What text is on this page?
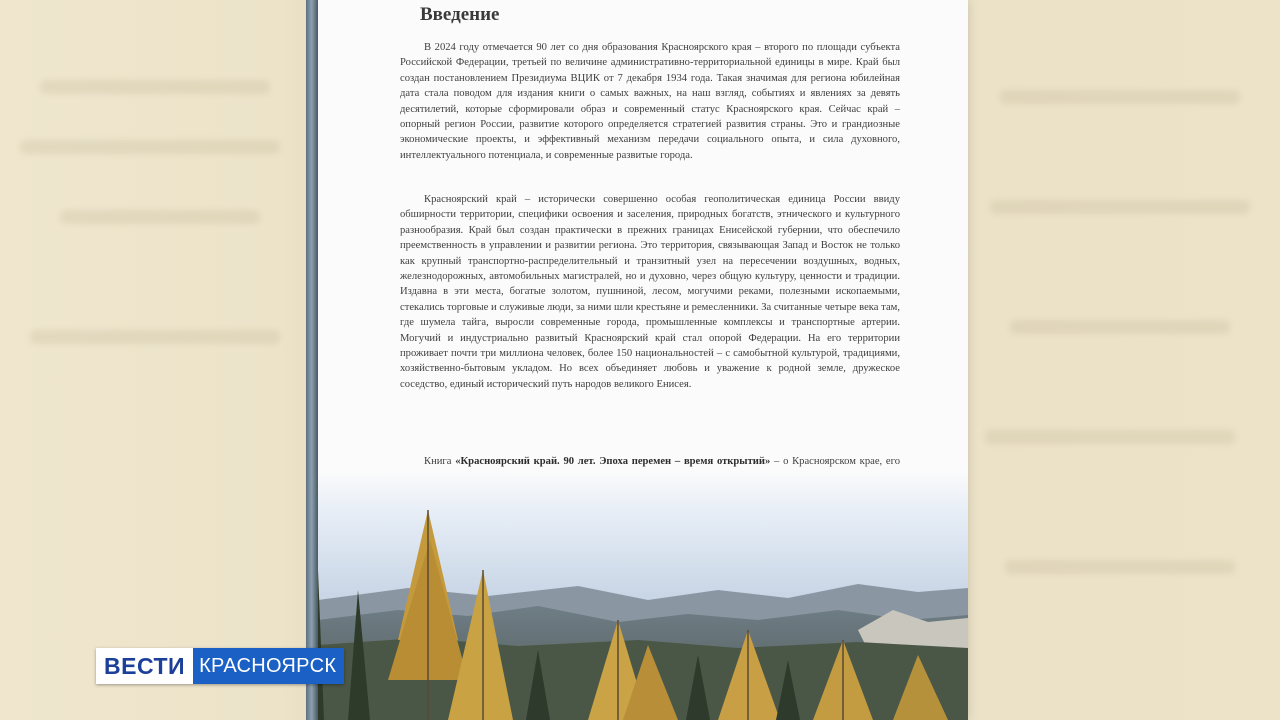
Введение
В 2024 году отмечается 90 лет со дня образования Красноярского края – второго по площади субъекта Российской Федерации, третьей по величине административно-территориальной единицы в мире. Край был создан постановлением Президиума ВЦИК от 7 декабря 1934 года. Такая значимая для региона юбилейная дата стала поводом для издания книги о самых важных, на наш взгляд, событиях и явлениях за девять десятилетий, которые сформировали образ и современный статус Красноярского края. Сейчас край – опорный регион России, развитие которого определяется стратегией развития страны. Это и грандиозные экономические проекты, и эффективный механизм передачи социального опыта, и сила духовного, интеллектуального потенциала, и современные развитые города.
Красноярский край – исторически совершенно особая геополитическая единица России ввиду обширности территории, специфики освоения и заселения, природных богатств, этнического и культурного разнообразия. Край был создан практически в прежних границах Енисейской губернии, что обеспечило преемственность в управлении и развитии региона. Это территория, связывающая Запад и Восток не только как крупный транспортно-распределительный и транзитный узел на пересечении воздушных, водных, железнодорожных, автомобильных магистралей, но и духовно, через общую культуру, ценности и традиции. Издавна в эти места, богатые золотом, пушниной, лесом, могучими реками, полезными ископаемыми, стекались торговые и служивые люди, за ними шли крестьяне и ремесленники. За считанные четыре века там, где шумела тайга, выросли современные города, промышленные комплексы и транспортные артерии. Могучий и индустриально развитый Красноярский край стал опорой Федерации. На его территории проживает почти три миллиона человек, более 150 национальностей – с самобытной культурой, традициями, хозяйственно-бытовым укладом. Но всех объединяет любовь и уважение к родной земле, дружеское соседство, единый исторический путь народов великого Енисея.
Книга «Красноярский край. 90 лет. Эпоха перемен – время открытий» – о Красноярском крае, его
ВЕСТИ КРАСНОЯРСК
